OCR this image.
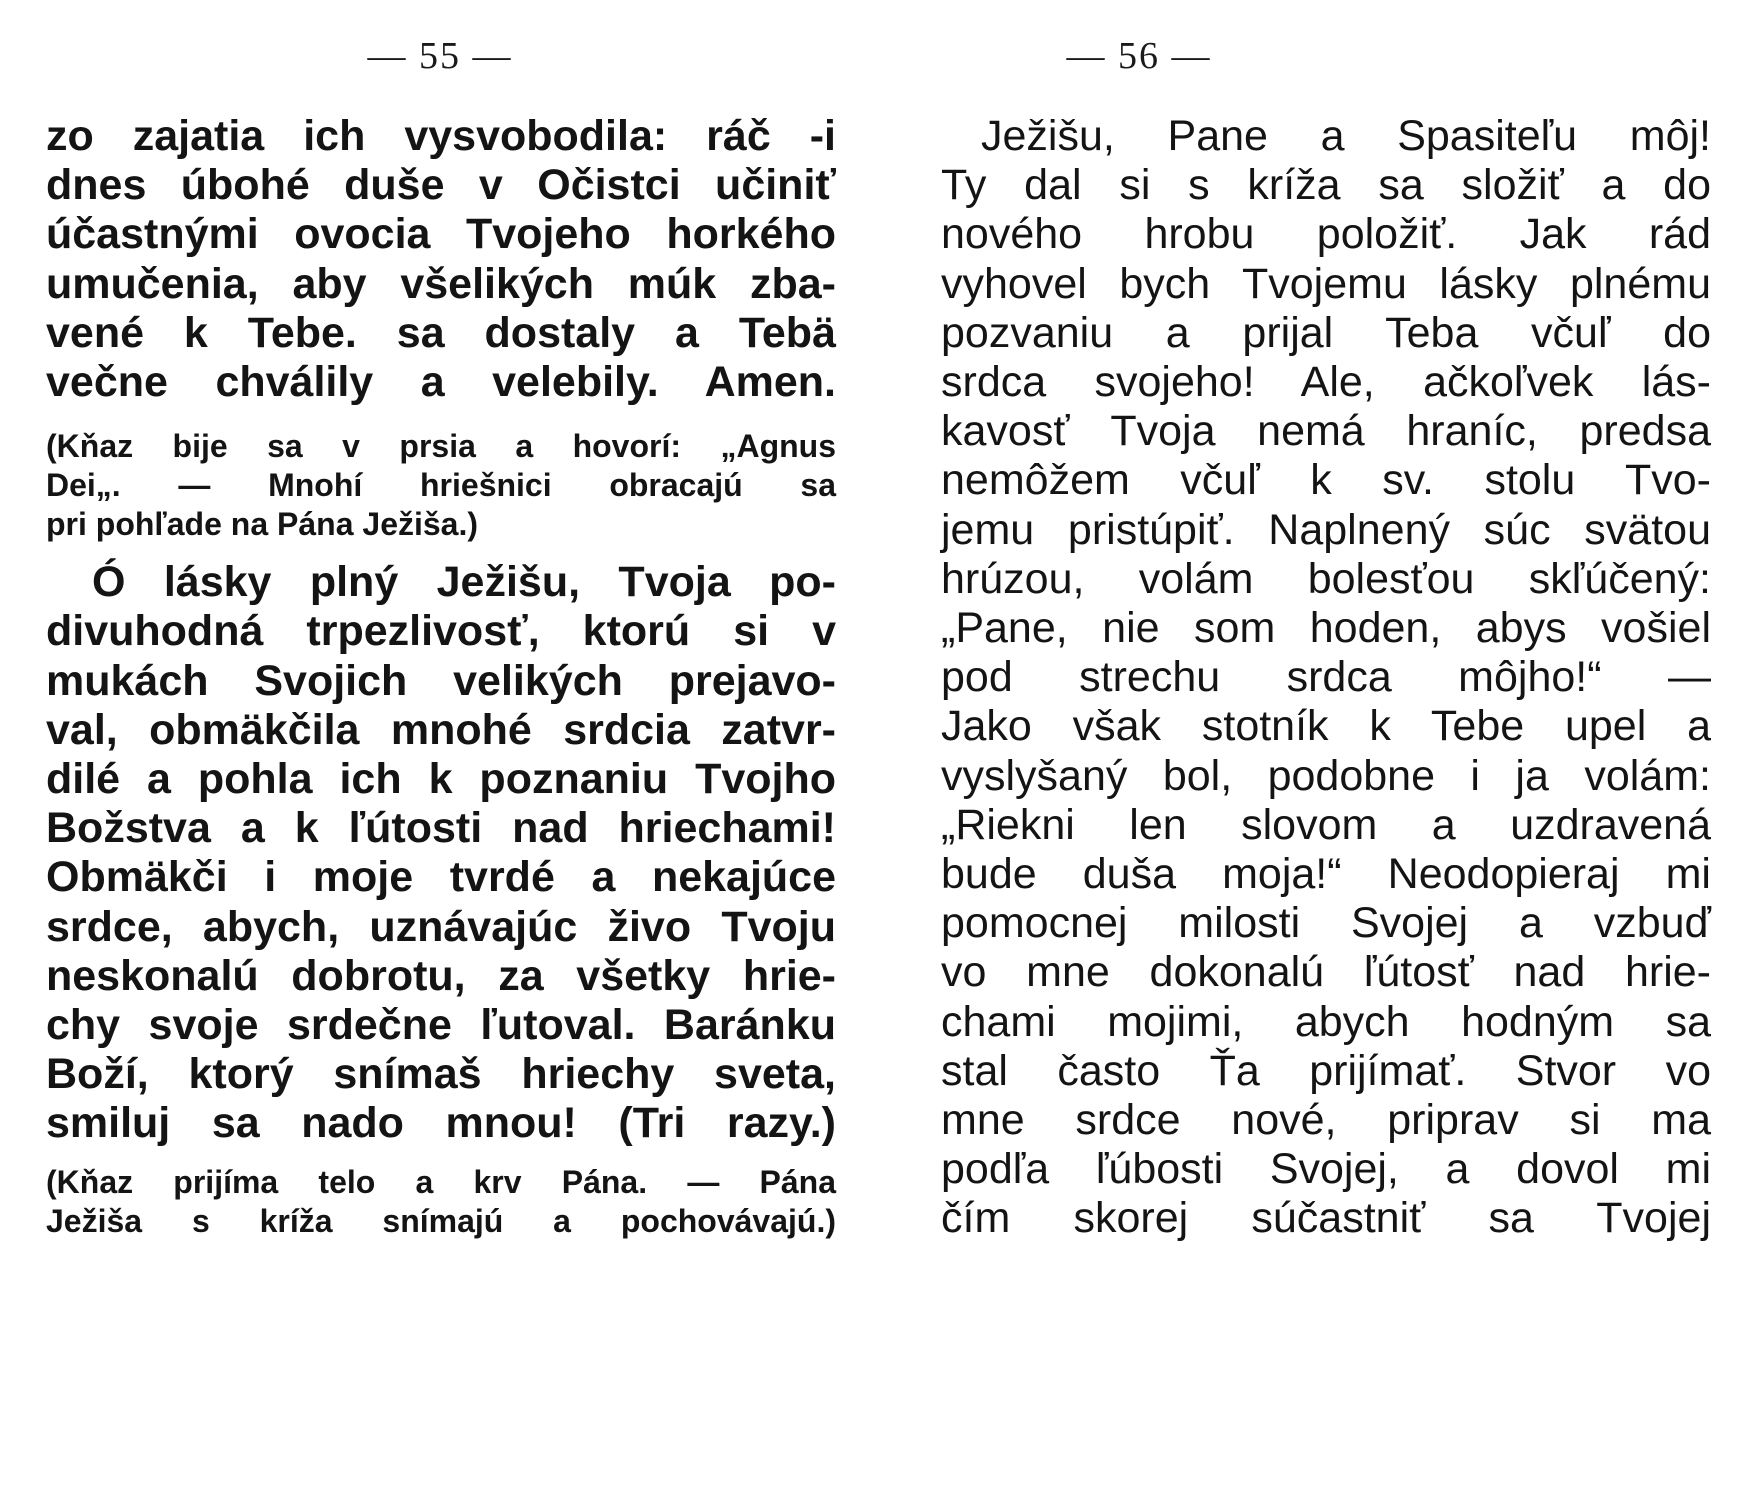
— 55 —
zo zajatia ich vysvobodila: ráč -i
dnes úbohé duše v Očistci učiniť
účastnými ovocia Tvojeho horkého
umučenia, aby všelikých múk zba-
vené k Tebe. sa dostaly a Tebä
večne chválily a velebily. Amen.
(Kňaz bije sa v prsia a hovorí: „Agnus
Dei„. — Mnohí hriešnici obracajú sa
pri pohľade na Pána Ježiša.)
Ó lásky plný Ježišu, Tvoja po-
divuhodná trpezlivosť, ktorú si v
mukách Svojich velikých prejavo-
val, obmäkčila mnohé srdcia zatvr-
dilé a pohla ich k poznaniu Tvojho
Božstva a k ľútosti nad hriechami!
Obmäkči i moje tvrdé a nekajúce
srdce, abych, uznávajúc živo Tvoju
neskonalú dobrotu, za všetky hrie-
chy svoje srdečne ľutoval. Baránku
Boží, ktorý snímaš hriechy sveta,
smiluj sa nado mnou! (Tri razy.)
(Kňaz prijíma telo a krv Pána. — Pána
Ježiša s kríža snímajú a pochovávajú.)
— 56 —
Ježišu, Pane a Spasiteľu môj!
Ty dal si s kríža sa složiť a do
nového hrobu položiť. Jak rád
vyhovel bych Tvojemu lásky plnému
pozvaniu a prijal Teba včuľ do
srdca svojeho! Ale, ačkoľvek lás-
kavosť Tvoja nemá hraníc, predsa
nemôžem včuľ k sv. stolu Tvo-
jemu pristúpiť. Naplnený súc svätou
hrúzou, volám bolesťou skľúčený:
„Pane, nie som hoden, abys vošiel
pod strechu srdca môjho!“ —
Jako však stotník k Tebe upel a
vyslyšaný bol, podobne i ja volám:
„Riekni len slovom a uzdravená
bude duša moja!“ Neodopieraj mi
pomocnej milosti Svojej a vzbuď
vo mne dokonalú ľútosť nad hrie-
chami mojimi, abych hodným sa
stal často Ťa prijímať. Stvor vo
mne srdce nové, priprav si ma
podľa ľúbosti Svojej, a dovol mi
čím skorej súčastniť sa Tvojej
